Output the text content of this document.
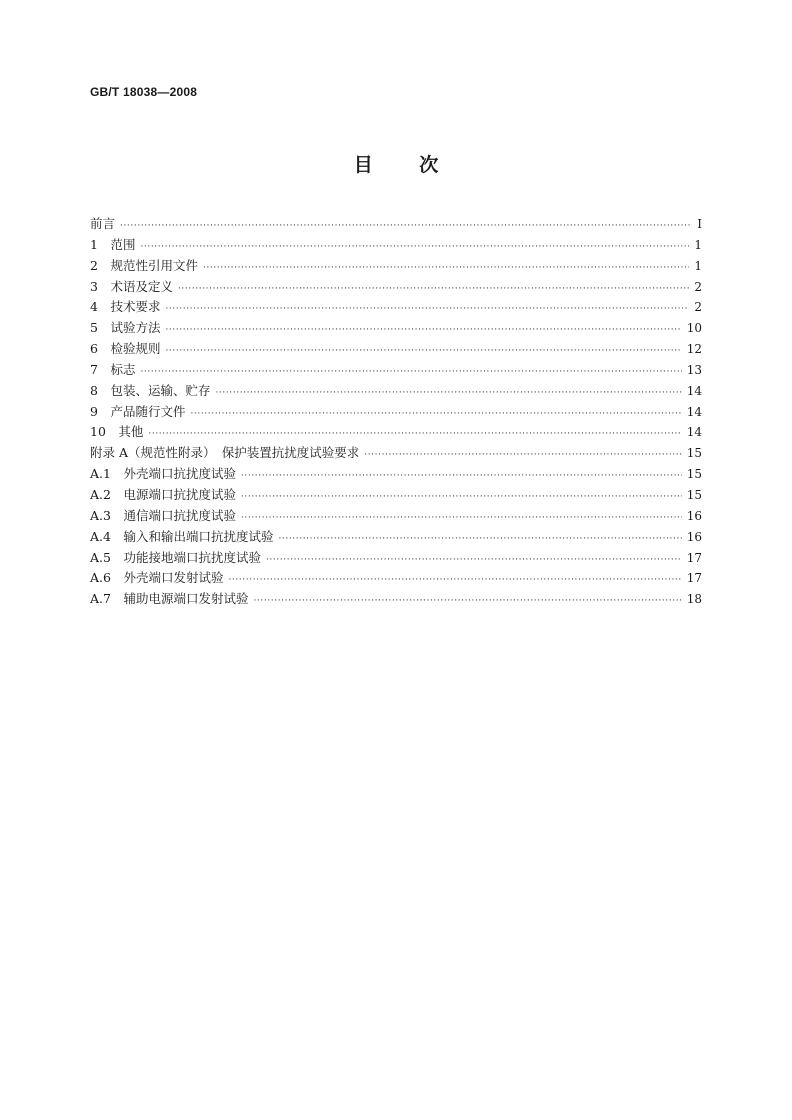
GB/T 18038—2008
目 次
前言 ·····	Ⅰ
1　范围 ·····	1
2　规范性引用文件 ·····	1
3　术语及定义 ·····	2
4　技术要求 ·····	2
5　试验方法 ·····	10
6　检验规则 ·····	12
7　标志 ·····	13
8　包装、运输、贮存 ·····	14
9　产品随行文件 ·····	14
10　其他 ·····	14
附录 A（规范性附录）　保护装置抗扰度试验要求 ·····	15
A.1　外壳端口抗扰度试验 ·····	15
A.2　电源端口抗扰度试验 ·····	15
A.3　通信端口抗扰度试验 ·····	16
A.4　输入和输出端口抗扰度试验 ·····	16
A.5　功能接地端口抗扰度试验 ·····	17
A.6　外壳端口发射试验 ·····	17
A.7　辅助电源端口发射试验 ·····	18
